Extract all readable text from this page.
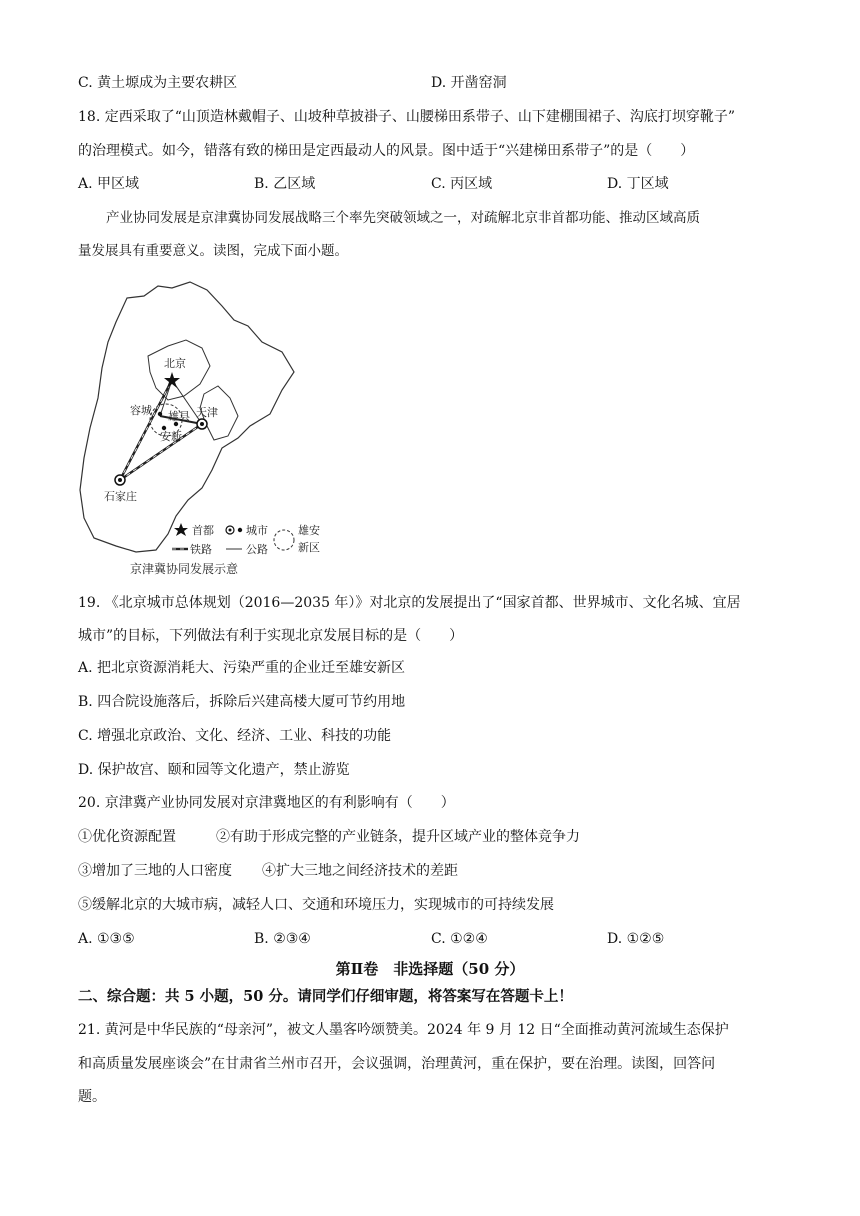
C. 黄土塬成为主要农耕区	D. 开凿窑洞
18. 定西采取了“山顶造林戴帽子、山坡种草披褂子、山腰梯田系带子、山下建棚围裙子、沟底打坝穿靴子”
的治理模式。如今，错落有致的梯田是定西最动人的风景。图中适于“兴建梯田系带子”的是（　　）
A. 甲区域	B. 乙区域	C. 丙区域	D. 丁区域
产业协同发展是京津冀协同发展战略三个率先突破领域之一，对疏解北京非首都功能、推动区域高质
量发展具有重要意义。读图，完成下面小题。
北京
天津
容城 雄县
安新
石家庄
首都	城市
铁路	公路
雄安
新区
京津冀协同发展示意
19. 《北京城市总体规划（2016—2035 年）》对北京的发展提出了“国家首都、世界城市、文化名城、宜居
城市”的目标，下列做法有利于实现北京发展目标的是（　　）
A. 把北京资源消耗大、污染严重的企业迁至雄安新区
B. 四合院设施落后，拆除后兴建高楼大厦可节约用地
C. 增强北京政治、文化、经济、工业、科技的功能
D. 保护故宫、颐和园等文化遗产，禁止游览
20. 京津冀产业协同发展对京津冀地区的有利影响有（　　）
①优化资源配置	②有助于形成完整的产业链条，提升区域产业的整体竞争力
③增加了三地的人口密度 ④扩大三地之间经济技术的差距
⑤缓解北京的大城市病，减轻人口、交通和环境压力，实现城市的可持续发展
A. ①③⑤	B. ②③④	C. ①②④	D. ①②⑤
第Ⅱ卷　非选择题（50 分）
二、综合题：共 5 小题，50 分。请同学们仔细审题，将答案写在答题卡上！
21. 黄河是中华民族的“母亲河”，被文人墨客吟颂赞美。2024 年 9 月 12 日“全面推动黄河流域生态保护
和高质量发展座谈会”在甘肃省兰州市召开，会议强调，治理黄河，重在保护，要在治理。读图，回答问
题。
